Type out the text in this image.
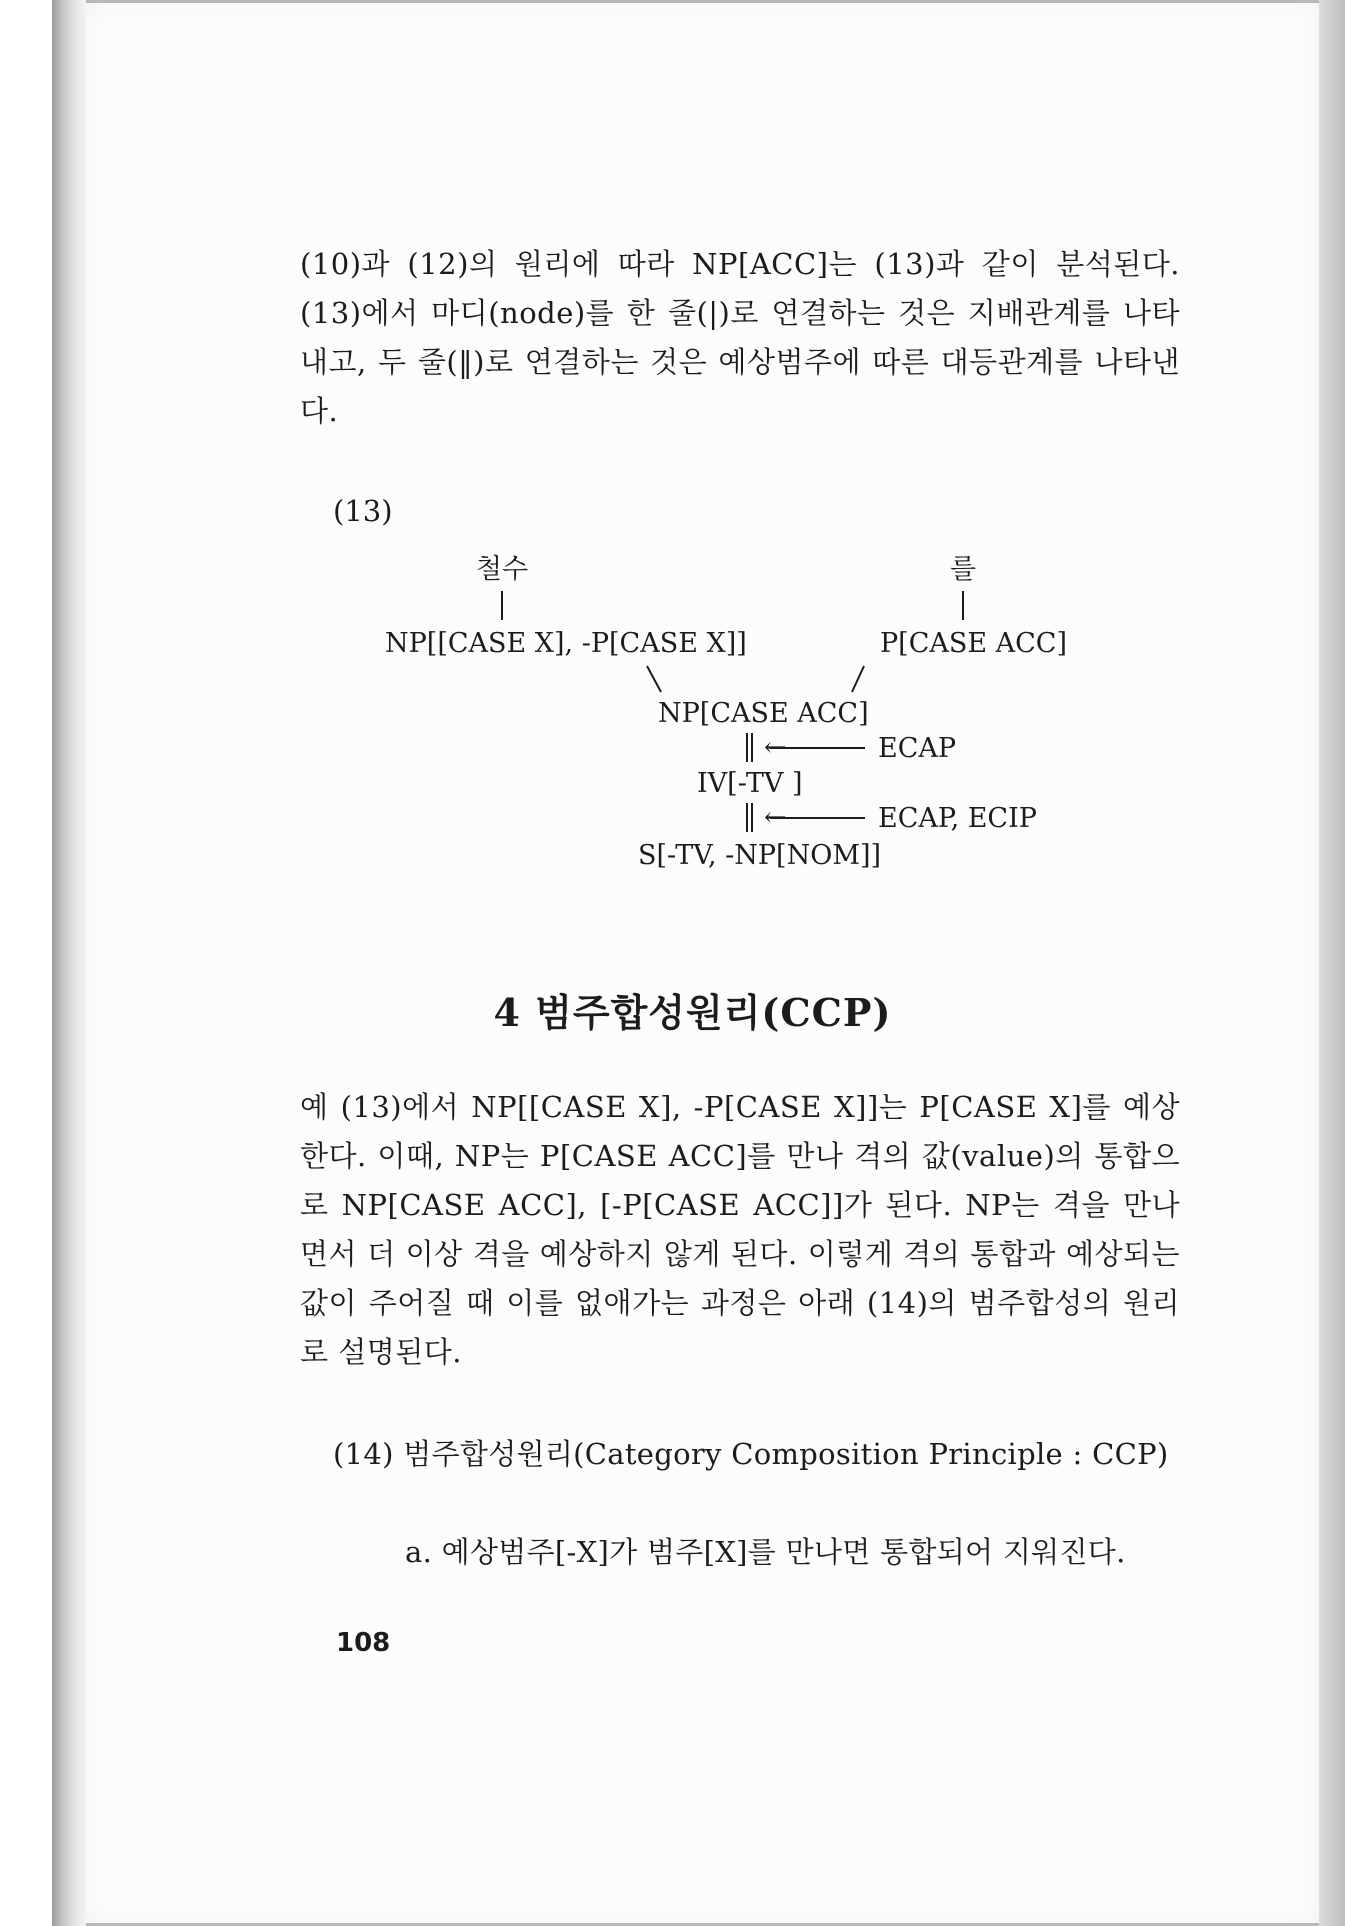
(10)과 (12)의 원리에 따라 NP[ACC]는 (13)과 같이 분석된다. (13)에서 마디(node)를 한 줄(|)로 연결하는 것은 지배관계를 나타내고, 두 줄(‖)로 연결하는 것은 예상범주에 따른 대등관계를 나타낸다.

(13)

철수	를
NP[[CASE X], -P[CASE X]]	P[CASE ACC]
NP[CASE ACC]
←	ECAP
IV[-TV ]
←	ECAP, ECIP
S[-TV, -NP[NOM]]
4 범주합성원리(CCP)

예 (13)에서 NP[[CASE X], -P[CASE X]]는 P[CASE X]를 예상한다. 이때, NP는 P[CASE ACC]를 만나 격의 값(value)의 통합으로 NP[CASE ACC], [-P[CASE ACC]]가 된다. NP는 격을 만나면서 더 이상 격을 예상하지 않게 된다. 이렇게 격의 통합과 예상되는 값이 주어질 때 이를 없애가는 과정은 아래 (14)의 범주합성의 원리로 설명된다.

(14) 범주합성원리(Category Composition Principle : CCP)

a. 예상범주[-X]가 범주[X]를 만나면 통합되어 지워진다.

108
